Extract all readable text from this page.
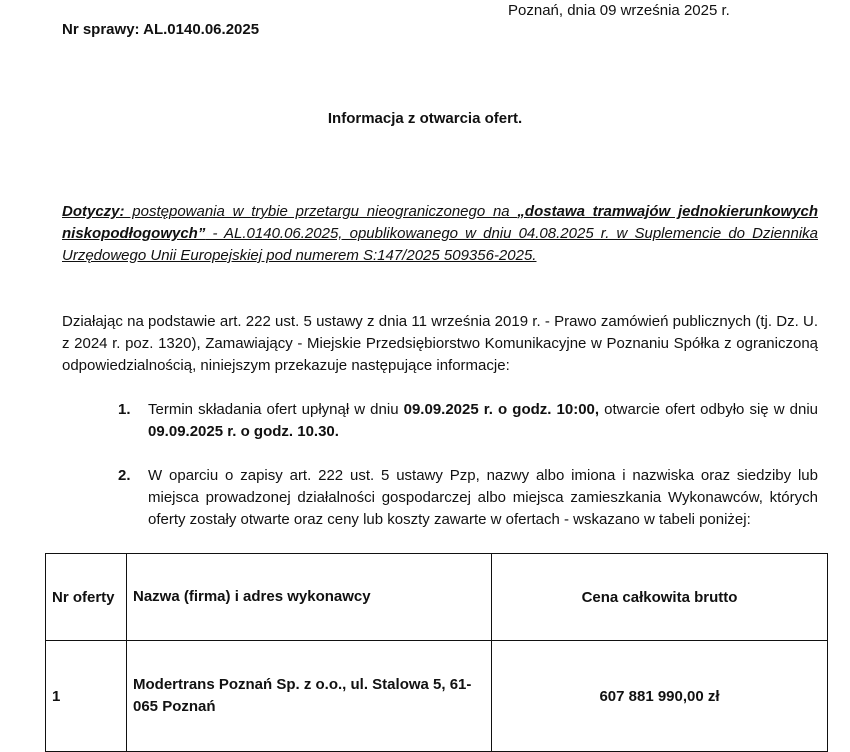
Poznań, dnia 09 września 2025 r.
Nr sprawy: AL.0140.06.2025
Informacja z otwarcia ofert.
Dotyczy: postępowania w trybie przetargu nieograniczonego na „dostawa tramwajów jednokierunkowych niskopodłogowych” - AL.0140.06.2025, opublikowanego w dniu 04.08.2025 r. w Suplemencie do Dziennika Urzędowego Unii Europejskiej pod numerem S:147/2025 509356-2025.
Działając na podstawie art. 222 ust. 5 ustawy z dnia 11 września 2019 r. - Prawo zamówień publicznych (tj. Dz. U. z 2024 r. poz. 1320), Zamawiający - Miejskie Przedsiębiorstwo Komunikacyjne w Poznaniu Spółka z ograniczoną odpowiedzialnością, niniejszym przekazuje następujące informacje:
1. Termin składania ofert upłynął w dniu 09.09.2025 r. o godz. 10:00, otwarcie ofert odbyło się w dniu 09.09.2025 r. o godz. 10.30.
2. W oparciu o zapisy art. 222 ust. 5 ustawy Pzp, nazwy albo imiona i nazwiska oraz siedziby lub miejsca prowadzonej działalności gospodarczej albo miejsca zamieszkania Wykonawców, których oferty zostały otwarte oraz ceny lub koszty zawarte w ofertach - wskazano w tabeli poniżej:
Nr oferty	Nazwa (firma) i adres wykonawcy	Cena całkowita brutto
1	Modertrans Poznań Sp. z o.o., ul. Stalowa 5, 61-065 Poznań	607 881 990,00 zł
